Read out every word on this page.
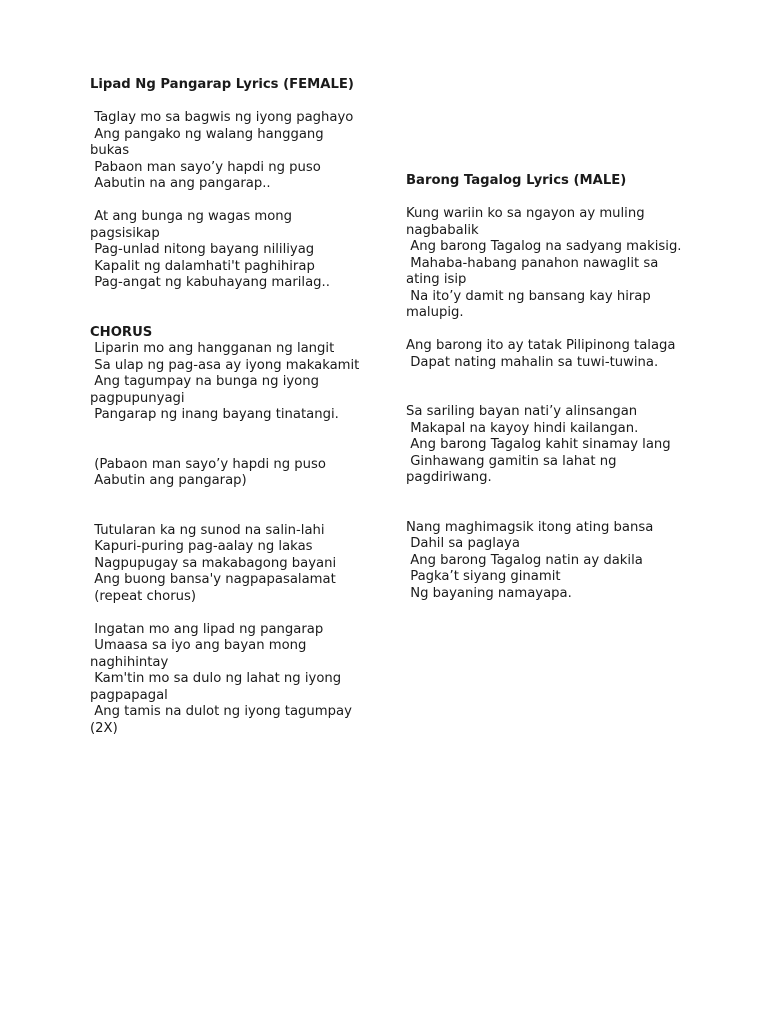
Lipad Ng Pangarap Lyrics (FEMALE)

Taglay mo sa bagwis ng iyong paghayo
Ang pangako ng walang hanggang bukas
Pabaon man sayo’y hapdi ng puso
Aabutin na ang pangarap..
At ang bunga ng wagas mong pagsisikap
Pag-unlad nitong bayang nililiyag
Kapalit ng dalamhati't paghihirap
Pag-angat ng kabuhayang marilag..
CHORUS
Liparin mo ang hangganan ng langit
Sa ulap ng pag-asa ay iyong makakamit
Ang tagumpay na bunga ng iyong pagpupunyagi
Pangarap ng inang bayang tinatangi.
(Pabaon man sayo’y hapdi ng puso
Aabutin ang pangarap)
Tutularan ka ng sunod na salin-lahi
Kapuri-puring pag-aalay ng lakas
Nagpupugay sa makabagong bayani
Ang buong bansa'y nagpapasalamat
(repeat chorus)
Ingatan mo ang lipad ng pangarap
Umaasa sa iyo ang bayan mong naghihintay
Kam'tin mo sa dulo ng lahat ng iyong pagpapagal
Ang tamis na dulot ng iyong tagumpay (2X)

Barong Tagalog Lyrics (MALE)

Kung wariin ko sa ngayon ay muling nagbabalik
Ang barong Tagalog na sadyang makisig.
Mahaba-habang panahon nawaglit sa ating isip
Na ito’y damit ng bansang kay hirap malupig.
Ang barong ito ay tatak Pilipinong talaga
Dapat nating mahalin sa tuwi-tuwina.
Sa sariling bayan nati’y alinsangan
Makapal na kayoy hindi kailangan.
Ang barong Tagalog kahit sinamay lang
Ginhawang gamitin sa lahat ng pagdiriwang.
Nang maghimagsik itong ating bansa
Dahil sa paglaya
Ang barong Tagalog natin ay dakila
Pagka’t siyang ginamit
Ng bayaning namayapa.
